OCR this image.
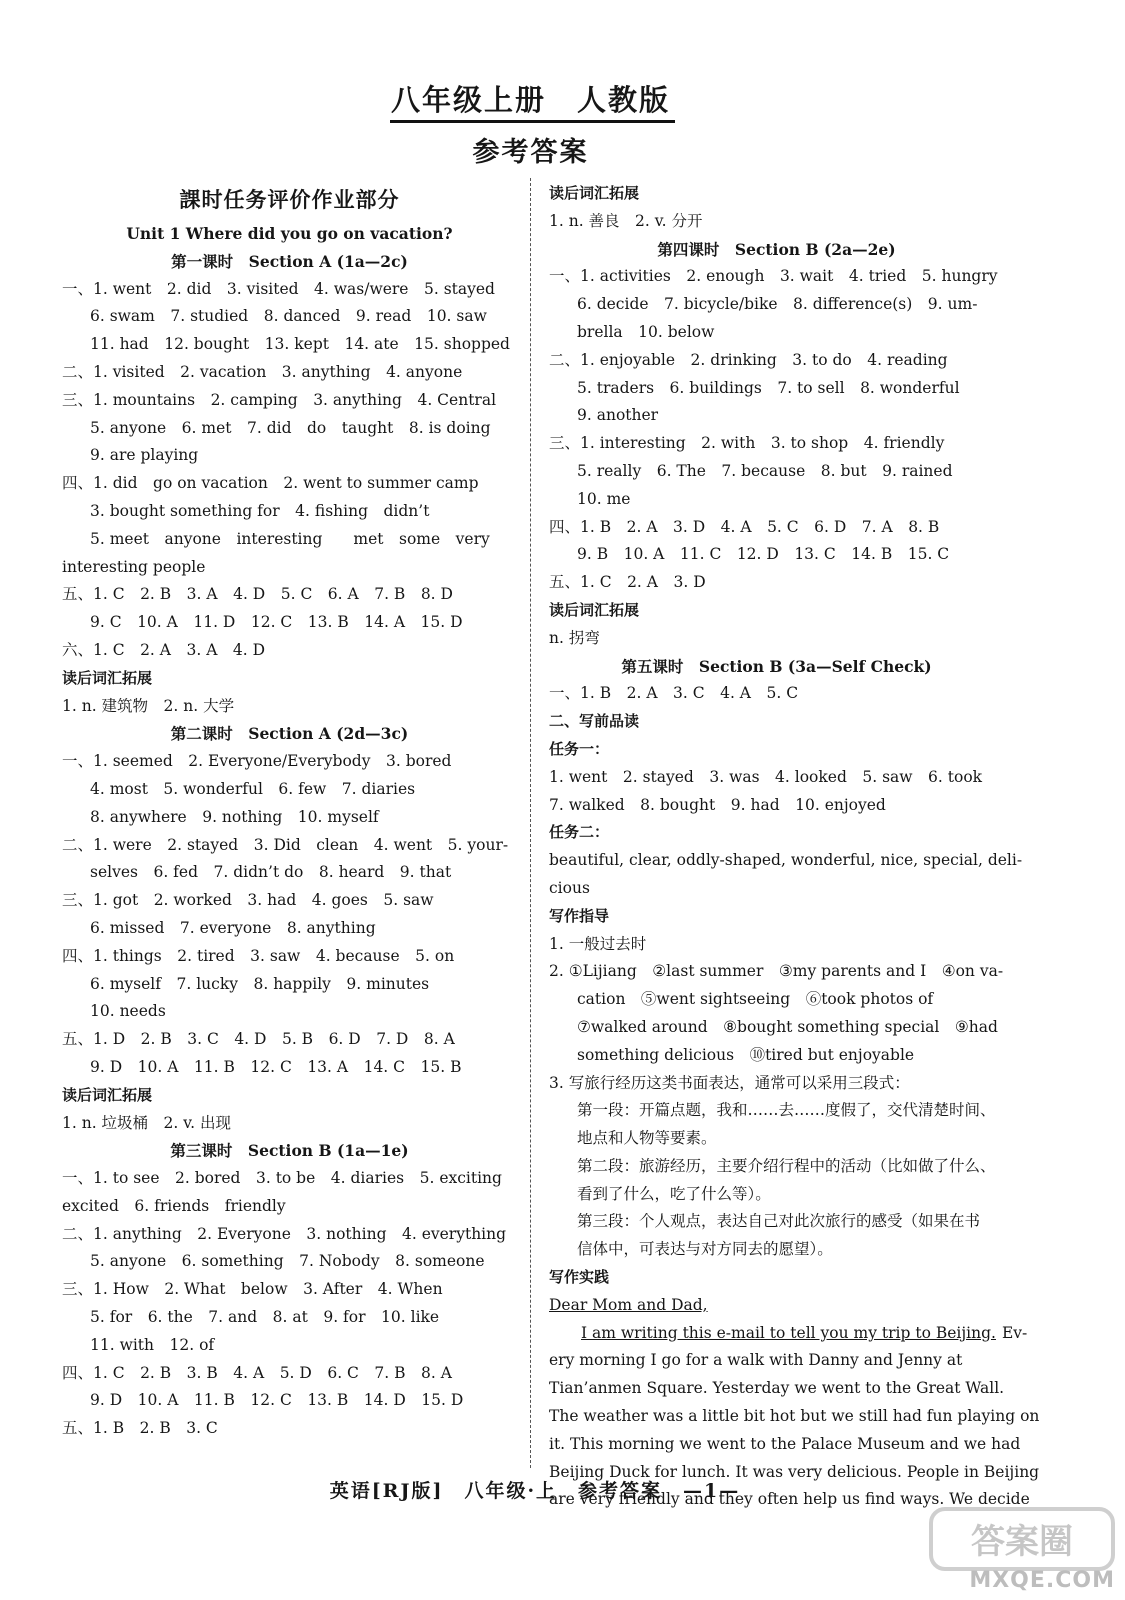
八年级上册　人教版
参考答案
課时任务评价作业部分
Unit 1 Where did you go on vacation?
第一课时　Section A (1a—2c)
一、1. went　2. did　3. visited　4. was/were　5. stayed
6. swam　7. studied　8. danced　9. read　10. saw
11. had　12. bought　13. kept　14. ate　15. shopped
二、1. visited　2. vacation　3. anything　4. anyone
三、1. mountains　2. camping　3. anything　4. Central
5. anyone　6. met　7. did　do　taught　8. is doing
9. are playing
四、1. did　go on vacation　2. went to summer camp
3. bought something for　4. fishing　didn’t
5. meet　anyone　interesting　　met　some　very
interesting people
五、1. C　2. B　3. A　4. D　5. C　6. A　7. B　8. D
9. C　10. A　11. D　12. C　13. B　14. A　15. D
六、1. C　2. A　3. A　4. D
读后词汇拓展
1. n. 建筑物　2. n. 大学
第二课时　Section A (2d—3c)
一、1. seemed　2. Everyone/Everybody　3. bored
4. most　5. wonderful　6. few　7. diaries
8. anywhere　9. nothing　10. myself
二、1. were　2. stayed　3. Did　clean　4. went　5. your-
selves　6. fed　7. didn’t do　8. heard　9. that
三、1. got　2. worked　3. had　4. goes　5. saw
6. missed　7. everyone　8. anything
四、1. things　2. tired　3. saw　4. because　5. on
6. myself　7. lucky　8. happily　9. minutes
10. needs
五、1. D　2. B　3. C　4. D　5. B　6. D　7. D　8. A
9. D　10. A　11. B　12. C　13. A　14. C　15. B
读后词汇拓展
1. n. 垃圾桶　2. v. 出现
第三课时　Section B (1a—1e)
一、1. to see　2. bored　3. to be　4. diaries　5. exciting
excited　6. friends　friendly
二、1. anything　2. Everyone　3. nothing　4. everything
5. anyone　6. something　7. Nobody　8. someone
三、1. How　2. What　below　3. After　4. When
5. for　6. the　7. and　8. at　9. for　10. like
11. with　12. of
四、1. C　2. B　3. B　4. A　5. D　6. C　7. B　8. A
9. D　10. A　11. B　12. C　13. B　14. D　15. D
五、1. B　2. B　3. C
读后词汇拓展
1. n. 善良　2. v. 分开
第四课时　Section B (2a—2e)
一、1. activities　2. enough　3. wait　4. tried　5. hungry
6. decide　7. bicycle/bike　8. difference(s)　9. um-
brella　10. below
二、1. enjoyable　2. drinking　3. to do　4. reading
5. traders　6. buildings　7. to sell　8. wonderful
9. another
三、1. interesting　2. with　3. to shop　4. friendly
5. really　6. The　7. because　8. but　9. rained
10. me
四、1. B　2. A　3. D　4. A　5. C　6. D　7. A　8. B
9. B　10. A　11. C　12. D　13. C　14. B　15. C
五、1. C　2. A　3. D
读后词汇拓展
n. 拐弯
第五课时　Section B (3a—Self Check)
一、1. B　2. A　3. C　4. A　5. C
二、写前品读
任务一：
1. went　2. stayed　3. was　4. looked　5. saw　6. took
7. walked　8. bought　9. had　10. enjoyed
任务二：
beautiful, clear, oddly-shaped, wonderful, nice, special, deli-
cious
写作指导
1. 一般过去时
2. ①Lijiang　②last summer　③my parents and I　④on va-
cation　⑤went sightseeing　⑥took photos of
⑦walked around　⑧bought something special　⑨had
something delicious　⑩tired but enjoyable
3. 写旅行经历这类书面表达，通常可以采用三段式：
第一段：开篇点题，我和……去……度假了，交代清楚时间、
地点和人物等要素。
第二段：旅游经历，主要介绍行程中的活动（比如做了什么、
看到了什么，吃了什么等）。
第三段：个人观点，表达自己对此次旅行的感受（如果在书
信体中，可表达与对方同去的愿望）。
写作实践
Dear Mom and Dad,
I am writing this e-mail to tell you my trip to Beijing. Ev-
ery morning I go for a walk with Danny and Jenny at
Tian’anmen Square. Yesterday we went to the Great Wall.
The weather was a little bit hot but we still had fun playing on
it. This morning we went to the Palace Museum and we had
Beijing Duck for lunch. It was very delicious. People in Beijing
are very friendly and they often help us find ways. We decide
英语[RJ版]　八年级·上　参考答案　—1—
答案圈
MXQE.COM
